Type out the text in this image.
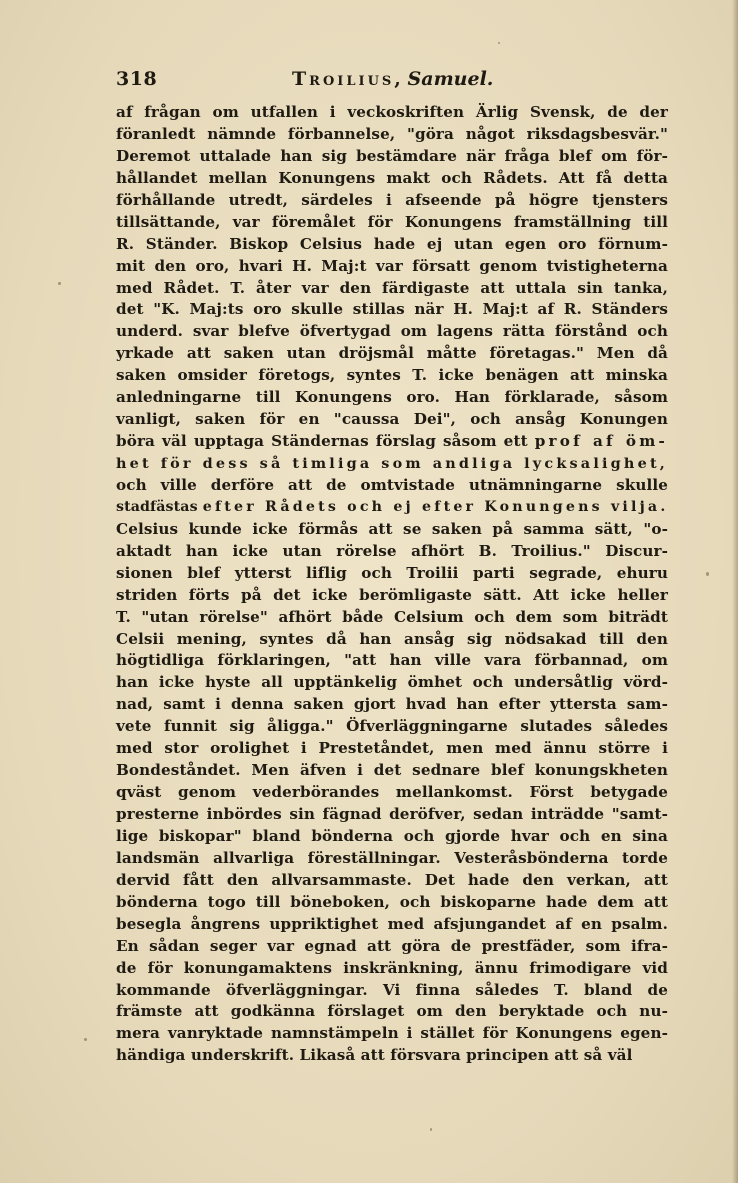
318	Troilius, Samuel.
af frågan om utfallen i veckoskriften Ärlig Svensk, de der
föranledt nämnde förbannelse, "göra något riksdagsbesvär."
Deremot uttalade han sig bestämdare när fråga blef om för-
hållandet mellan Konungens makt och Rådets. Att få detta
förhållande utredt, särdeles i afseende på högre tjensters
tillsättande, var föremålet för Konungens framställning till
R. Ständer. Biskop Celsius hade ej utan egen oro förnum-
mit den oro, hvari H. Maj:t var försatt genom tvistigheterna
med Rådet. T. åter var den färdigaste att uttala sin tanka,
det "K. Maj:ts oro skulle stillas när H. Maj:t af R. Ständers
underd. svar blefve öfvertygad om lagens rätta förstånd och
yrkade att saken utan dröjsmål måtte företagas." Men då
saken omsider företogs, syntes T. icke benägen att minska
anledningarne till Konungens oro. Han förklarade, såsom
vanligt, saken för en "caussa Dei", och ansåg Konungen
böra väl upptaga Ständernas förslag såsom ett prof af öm-
het för dess så timliga som andliga lycksalighet,
och ville derföre att de omtvistade utnämningarne skulle
stadfästas efter Rådets och ej efter Konungens vilja.
Celsius kunde icke förmås att se saken på samma sätt, "o-
aktadt han icke utan rörelse afhört B. Troilius." Discur-
sionen blef ytterst liflig och Troilii parti segrade, ehuru
striden förts på det icke berömligaste sätt. Att icke heller
T. "utan rörelse" afhört både Celsium och dem som biträdt
Celsii mening, syntes då han ansåg sig nödsakad till den
högtidliga förklaringen, "att han ville vara förbannad, om
han icke hyste all upptänkelig ömhet och undersåtlig vörd-
nad, samt i denna saken gjort hvad han efter yttersta sam-
vete funnit sig åligga." Öfverläggningarne slutades således
med stor orolighet i Prestetåndet, men med ännu större i
Bondeståndet. Men äfven i det sednare blef konungskheten
qväst genom vederbörandes mellankomst. Först betygade
presterne inbördes sin fägnad deröfver, sedan inträdde "samt-
lige biskopar" bland bönderna och gjorde hvar och en sina
landsmän allvarliga föreställningar. Vesteråsbönderna torde
dervid fått den allvarsammaste. Det hade den verkan, att
bönderna togo till böneboken, och biskoparne hade dem att
besegla ångrens uppriktighet med afsjungandet af en psalm.
En sådan seger var egnad att göra de prestfäder, som ifra-
de för konungamaktens inskränkning, ännu frimodigare vid
kommande öfverläggningar. Vi finna således T. bland de
främste att godkänna förslaget om den beryktade och nu-
mera vanryktade namnstämpeln i stället för Konungens egen-
händiga underskrift. Likaså att försvara principen att så väl
